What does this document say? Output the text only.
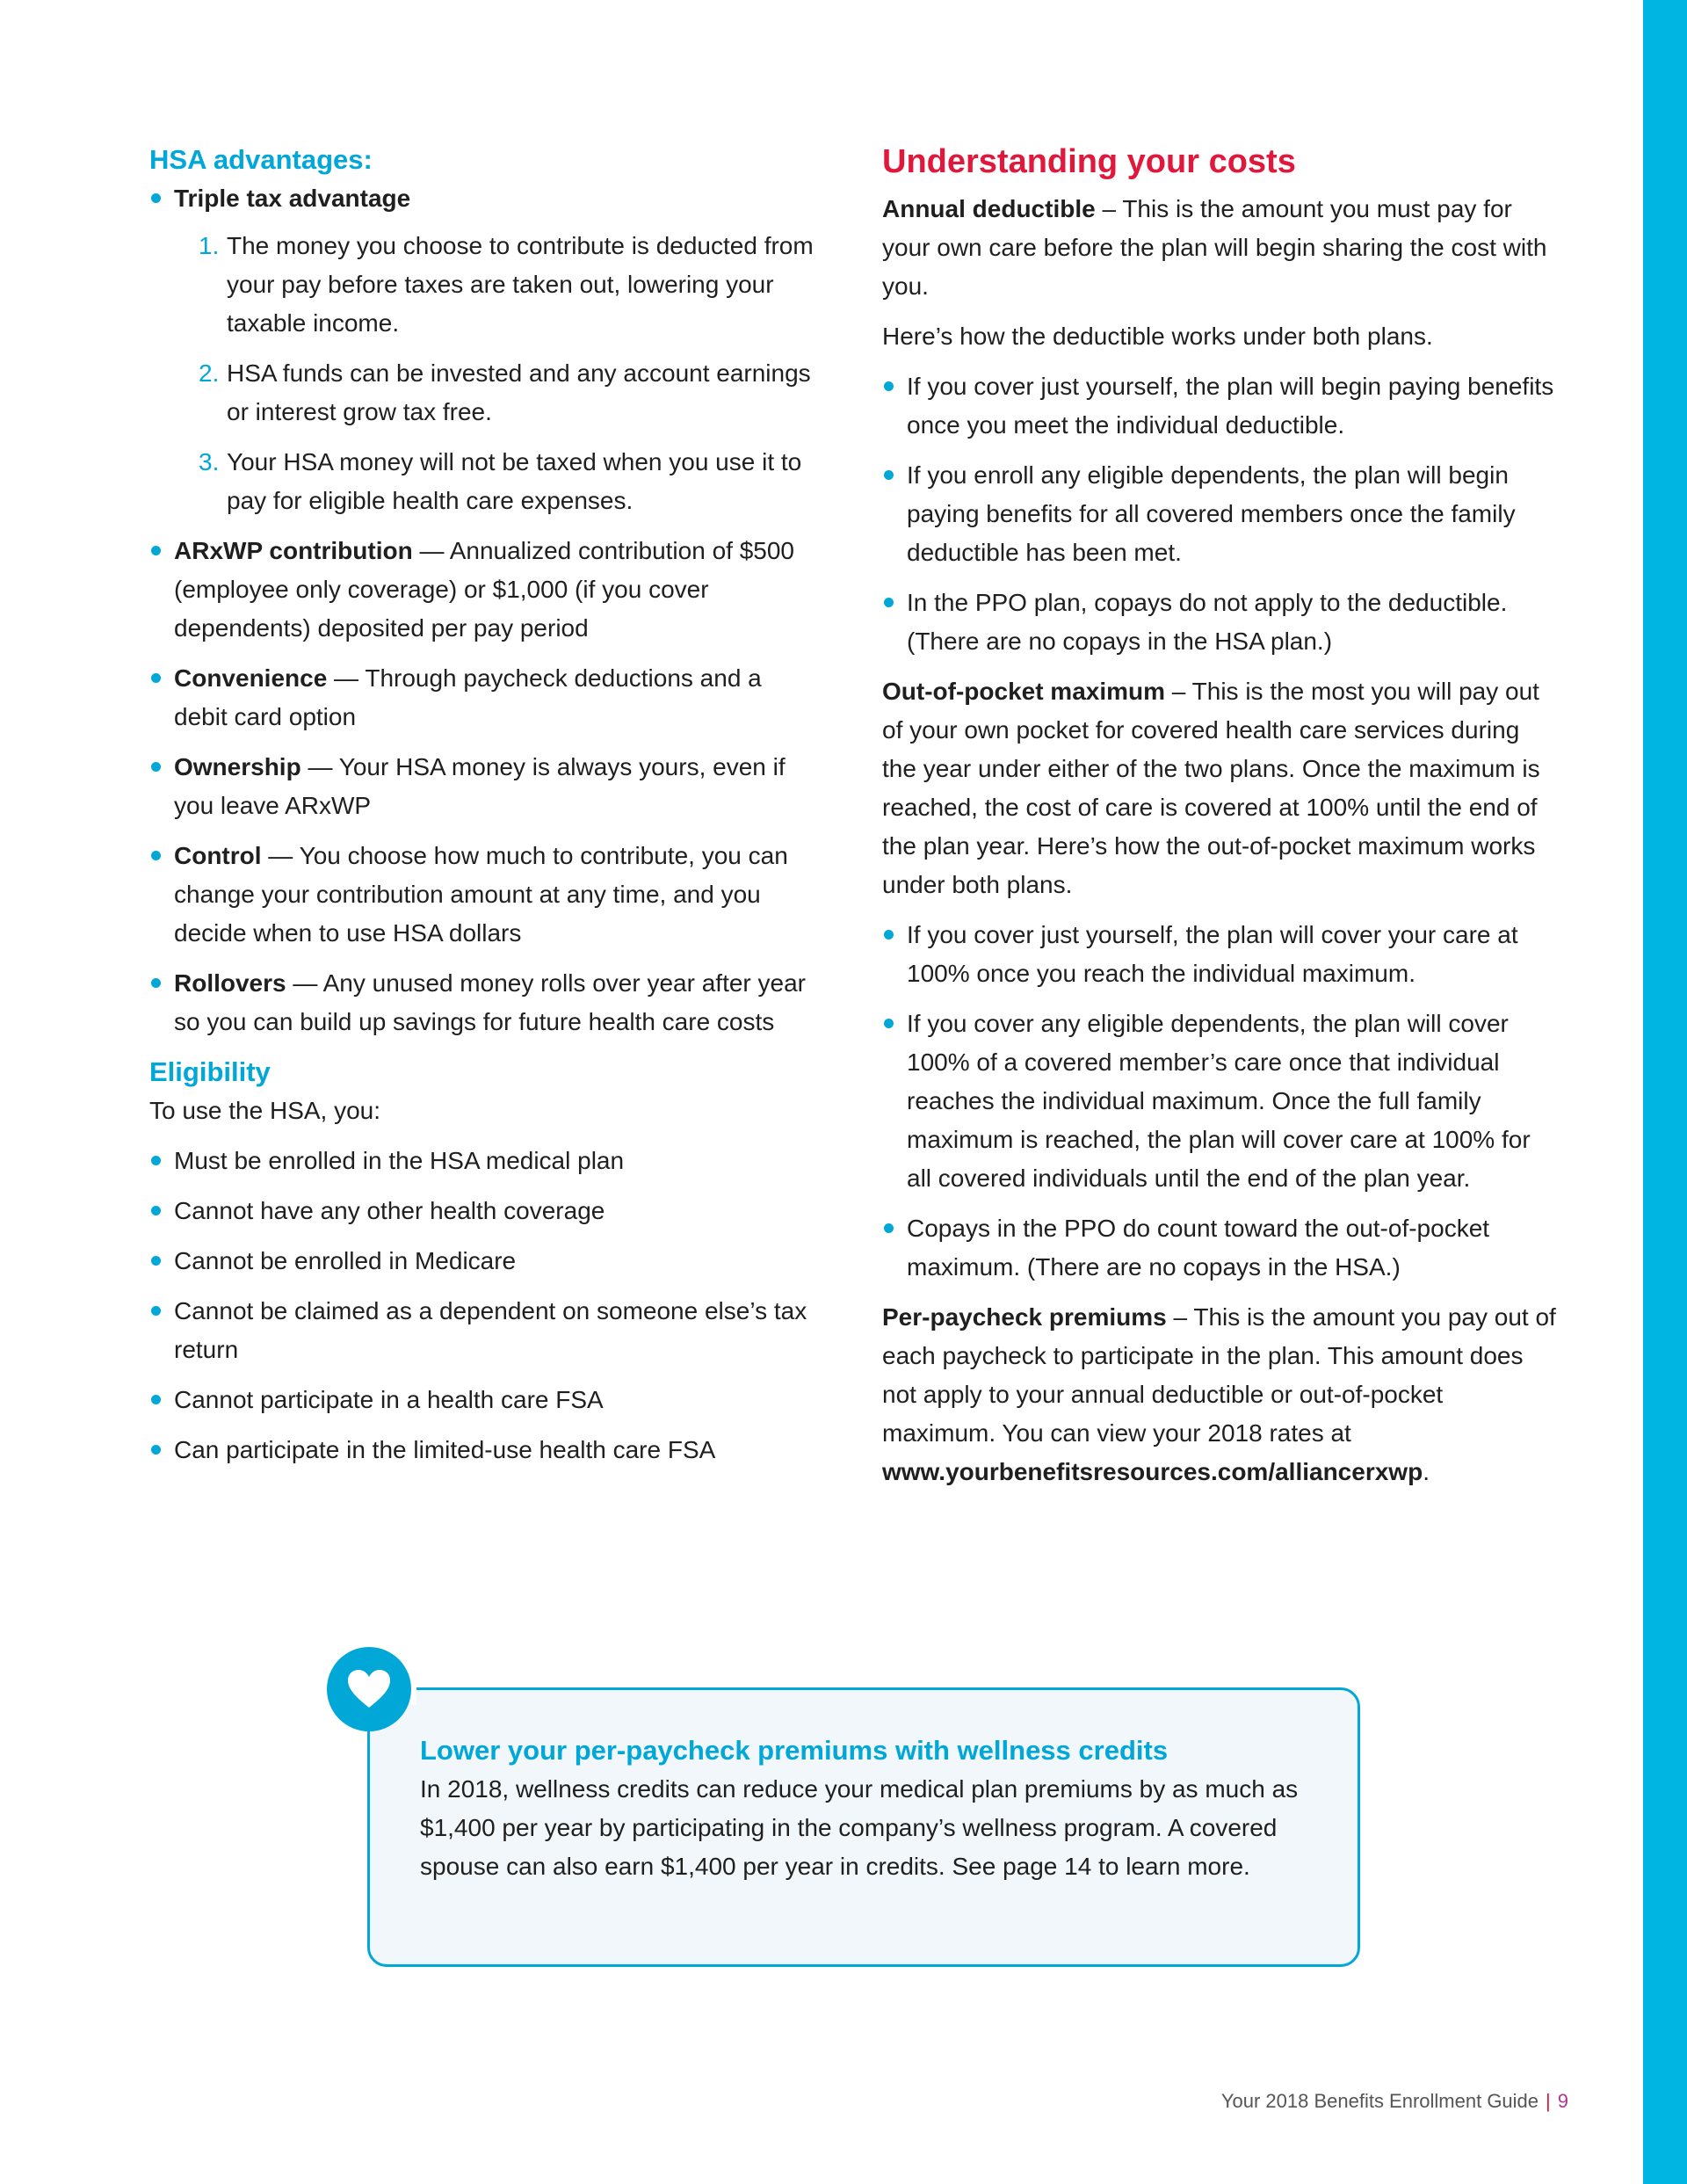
HSA advantages:
Triple tax advantage
1. The money you choose to contribute is deducted from your pay before taxes are taken out, lowering your taxable income.
2. HSA funds can be invested and any account earnings or interest grow tax free.
3. Your HSA money will not be taxed when you use it to pay for eligible health care expenses.
ARxWP contribution — Annualized contribution of $500 (employee only coverage) or $1,000 (if you cover dependents) deposited per pay period
Convenience — Through paycheck deductions and a debit card option
Ownership — Your HSA money is always yours, even if you leave ARxWP
Control — You choose how much to contribute, you can change your contribution amount at any time, and you decide when to use HSA dollars
Rollovers — Any unused money rolls over year after year so you can build up savings for future health care costs
Eligibility

To use the HSA, you:

Must be enrolled in the HSA medical plan
Cannot have any other health coverage
Cannot be enrolled in Medicare
Cannot be claimed as a dependent on someone else’s tax return
Cannot participate in a health care FSA
Can participate in the limited-use health care FSA
Understanding your costs

Annual deductible – This is the amount you must pay for your own care before the plan will begin sharing the cost with you.

Here’s how the deductible works under both plans.

If you cover just yourself, the plan will begin paying benefits once you meet the individual deductible.
If you enroll any eligible dependents, the plan will begin paying benefits for all covered members once the family deductible has been met.
In the PPO plan, copays do not apply to the deductible. (There are no copays in the HSA plan.)

Out-of-pocket maximum – This is the most you will pay out of your own pocket for covered health care services during the year under either of the two plans. Once the maximum is reached, the cost of care is covered at 100% until the end of the plan year. Here’s how the out-of-pocket maximum works under both plans.

If you cover just yourself, the plan will cover your care at 100% once you reach the individual maximum.
If you cover any eligible dependents, the plan will cover 100% of a covered member’s care once that individual reaches the individual maximum. Once the full family maximum is reached, the plan will cover care at 100% for all covered individuals until the end of the plan year.
Copays in the PPO do count toward the out-of-pocket maximum. (There are no copays in the HSA.)

Per-paycheck premiums – This is the amount you pay out of each paycheck to participate in the plan. This amount does not apply to your annual deductible or out-of-pocket maximum. You can view your 2018 rates at www.yourbenefitsresources.com/alliancerxwp.

Lower your per-paycheck premiums with wellness credits

In 2018, wellness credits can reduce your medical plan premiums by as much as $1,400 per year by participating in the company’s wellness program. A covered spouse can also earn $1,400 per year in credits. See page 14 to learn more.

Your 2018 Benefits Enrollment Guide | 9
